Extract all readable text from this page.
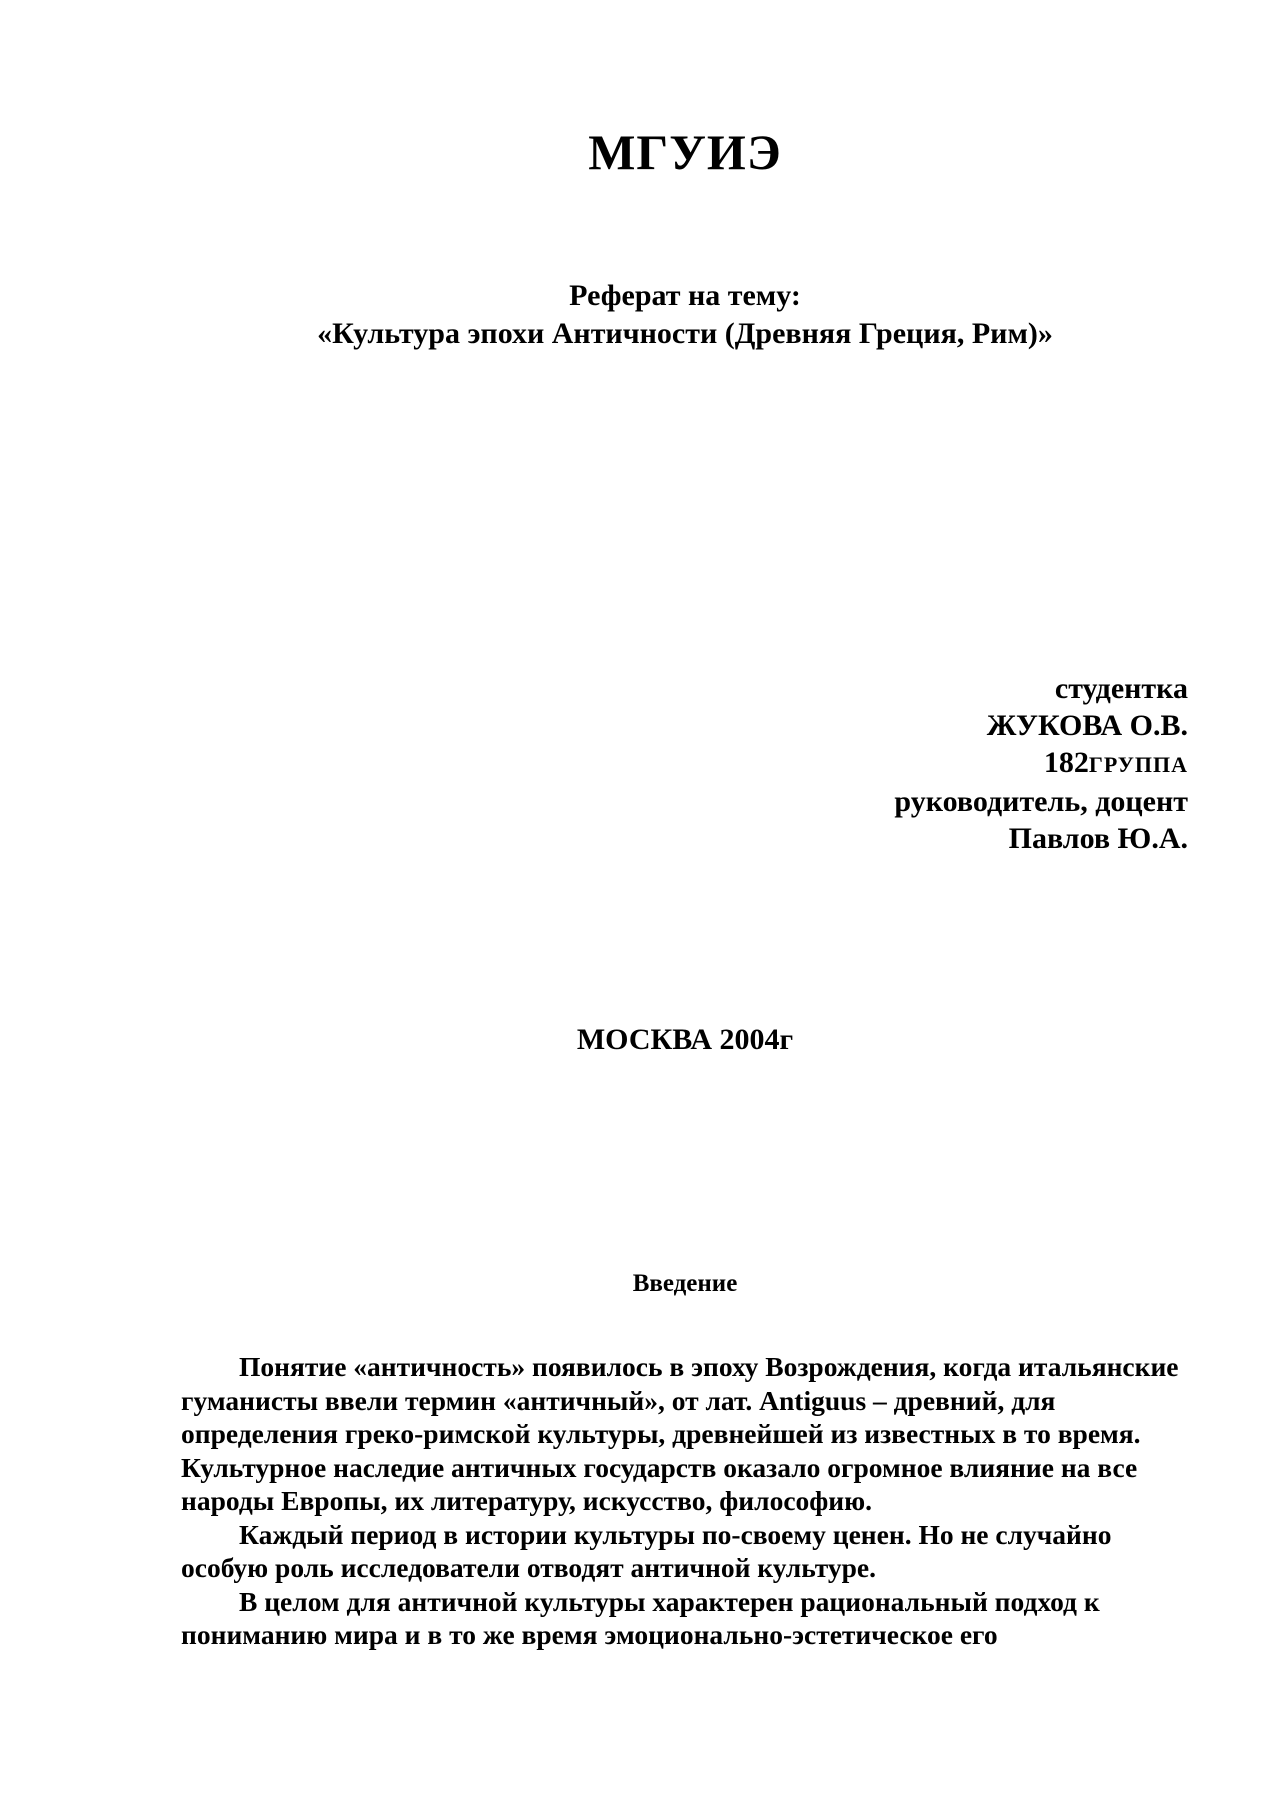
МГУИЭ
Реферат на тему:
«Культура эпохи Античности (Древняя Греция, Рим)»
студентка
ЖУКОВА О.В.
182ГРУППА
руководитель, доцент
Павлов Ю.А.
МОСКВА 2004г
Введение

Понятие «античность» появилось в эпоху Возрождения, когда итальянские гуманисты ввели термин «античный», от лат. Antiguus – древний, для определения греко-римской культуры, древнейшей из известных в то время. Культурное наследие античных государств оказало огромное влияние на все народы Европы, их литературу, искусство, философию.

Каждый период в истории культуры по-своему ценен. Но не случайно особую роль исследователи отводят античной культуре.

В целом для античной культуры характерен рациональный подход к пониманию мира и в то же время эмоционально-эстетическое его
